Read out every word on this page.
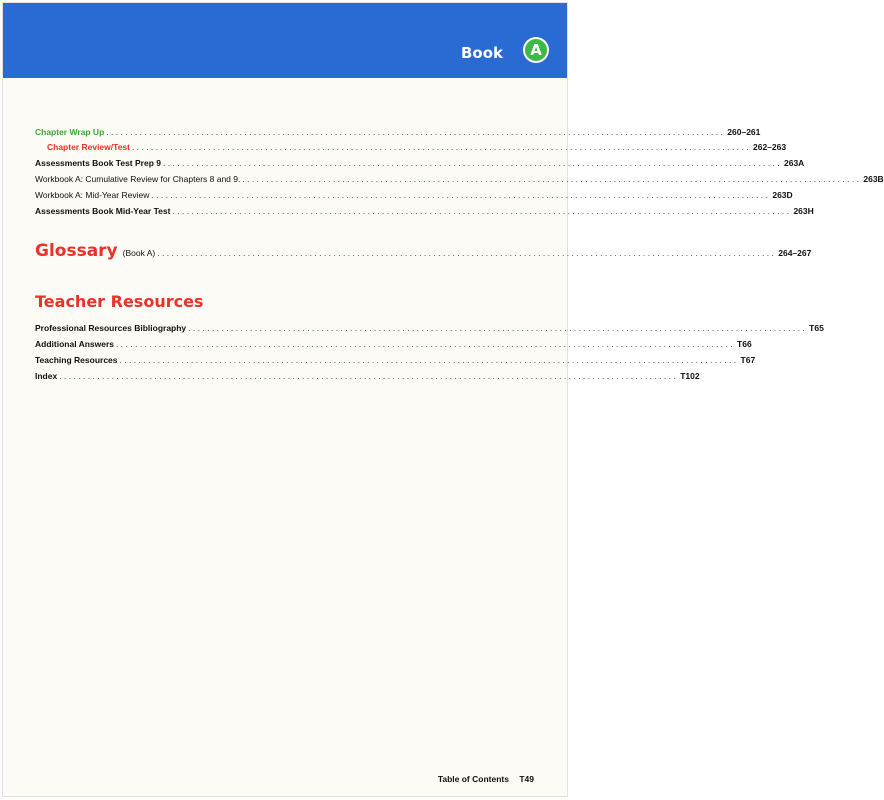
Book	A
Chapter Wrap Up .................................................................................................................................. 260–261
Chapter Review/Test .................................................................................................................................. 262–263
Assessments Book Test Prep 9 .................................................................................................................................. 263A
Workbook A: Cumulative Review for Chapters 8 and 9. .................................................................................................................................. 263B
Workbook A: Mid-Year Review .................................................................................................................................. 263D
Assessments Book Mid-Year Test .................................................................................................................................. 263H
Glossary (Book A) .................................................................................................................................. 264–267
Teacher Resources
Professional Resources Bibliography .................................................................................................................................. T65
Additional Answers .................................................................................................................................. T66
Teaching Resources .................................................................................................................................. T67
Index .................................................................................................................................. T102
Table of Contents T49
